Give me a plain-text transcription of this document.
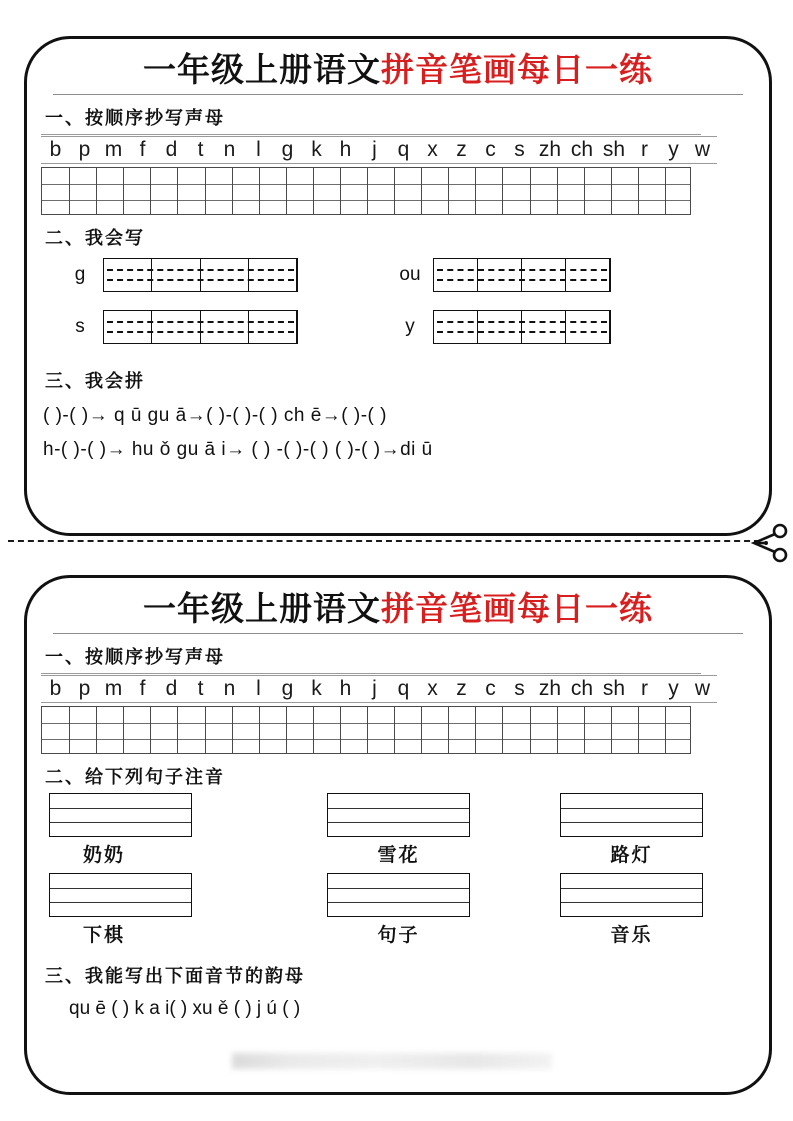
一年级上册语文拼音笔画每日一练
一、按顺序抄写声母
b p m f d t n l g k h j q x z c s zh ch sh r y w
二、我会写
g
s
ou
y
三、我会拼
( )-( )→ q ū gu ā→( )-( )-( ) ch ē→( )-( )
h-( )-( )→ hu ǒ gu ā i→ ( ) -( )-( ) ( )-( )→di ū
一年级上册语文拼音笔画每日一练
一、按顺序抄写声母
b p m f d t n l g k h j q x z c s zh ch sh r y w
二、给下列句子注音
奶奶	雪花	路灯
下棋	句子	音乐
三、我能写出下面音节的韵母
qu ē ( ) k a i( ) xu ě ( ) j ú ( )
